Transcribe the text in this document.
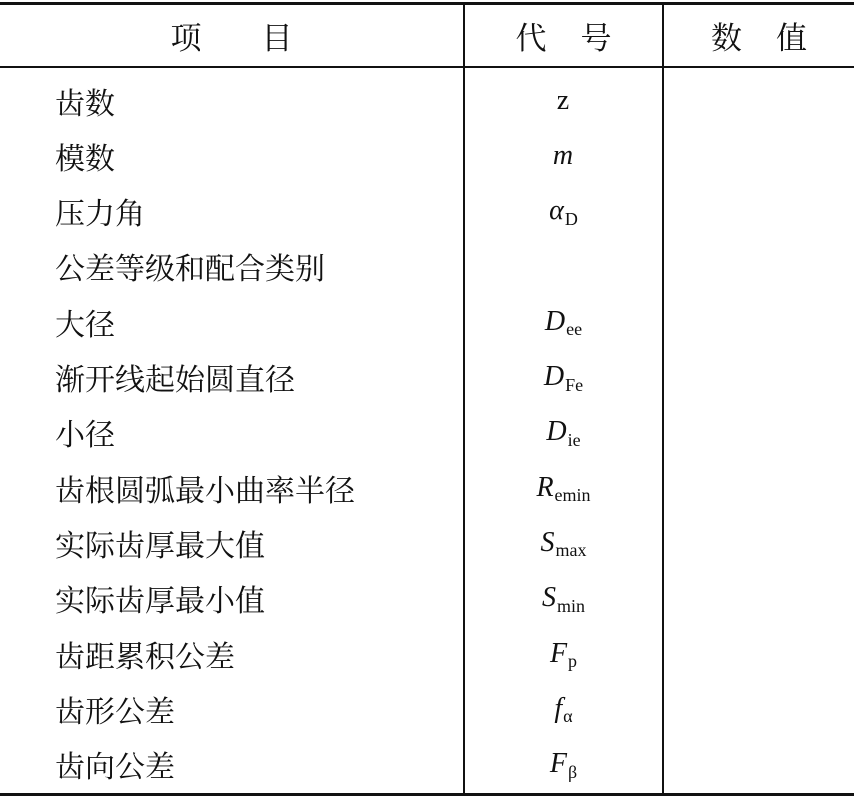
项 目	代 号	数 值
齿数	z
模数	m
压力角	α D
公差等级和配合类别
大径	D ee
渐开线起始圆直径	D Fe
小径	D ie
齿根圆弧最小曲率半径	R emin
实际齿厚最大值	S max
实际齿厚最小值	S min
齿距累积公差	F p
齿形公差	f α
齿向公差	F β
